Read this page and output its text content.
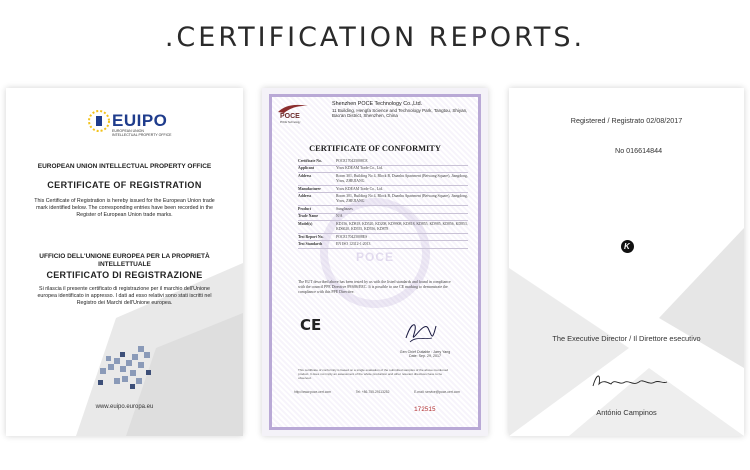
.CERTIFICATION REPORTS.
EUIPO
EUROPEAN UNION
INTELLECTUAL PROPERTY OFFICE
EUROPEAN UNION INTELLECTUAL PROPERTY OFFICE
CERTIFICATE OF REGISTRATION
This Certificate of Registration is hereby issued for the European Union trade mark identified below. The corresponding entries have been recorded in the Register of European Union trade marks.
UFFICIO DELL'UNIONE EUROPEA PER LA PROPRIETÀ INTELLETTUALE
CERTIFICATO DI REGISTRAZIONE
Si rilascia il presente certificato di registrazione per il marchio dell'Unione europea identificato in appresso. I dati ad esso relativi sono stati iscritti nel Registro dei Marchi dell'Unione europea.
www.euipo.europa.eu
POCE
POCE Technology
Shenzhen POCE Technology Co.,Ltd.
11 Building, Hengfa Science and Technology Park, Tangtou, Shiyan, Bao'an District, Shenzhen, China
CERTIFICATE OF CONFORMITY
POCE
Certificate No.	POCE170425008CE
Applicant	Yiwu KDEAM Trade Co., Ltd.
Address	Room 301, Building No 4, Block B, Duanhu Apartment (Beiwang Square), Jiangdong, Yiwu, ZHEJIANG
Manufacturer	Yiwu KDEAM Trade Co., Ltd.
Address	Room 301, Building No 4, Block B, Duanhu Apartment (Beiwang Square), Jiangdong, Yiwu, ZHEJIANG
Product	Sunglasses
Trade Name	N/A
Model(s)	KD156, KD818, KD520, KD208, KD9908, KD818, KD855, KD985, KD856, KD853, KD6020, KD555, KD556, KD878
Test Report No.	POCE170425008ES
Test Standards	EN ISO 12312-1:2013
The EUT described above has been tested by us with the listed standards and found in compliance with the council PPE Directive 89/686/EEC. It is possible to use CE marking to demonstrate the compliance with this PPE Directive.
CE
Gen Chief Dutiable : Jarry Yang
Date: Sep. 29, 2017
This certificate of conformity is based on a single evaluation of the submitted samples of the above mentioned product. It does not imply an assessment of the whole production and other relevant directives have to be observed.
http://www.poce-cert.com	Tel: +86-755-29113252	E-mail: service@poce-cert.com
172515
Registered / Registrato 02/08/2017
No 016614844
K
The Executive Director / Il Direttore esecutivo
António Campinos
